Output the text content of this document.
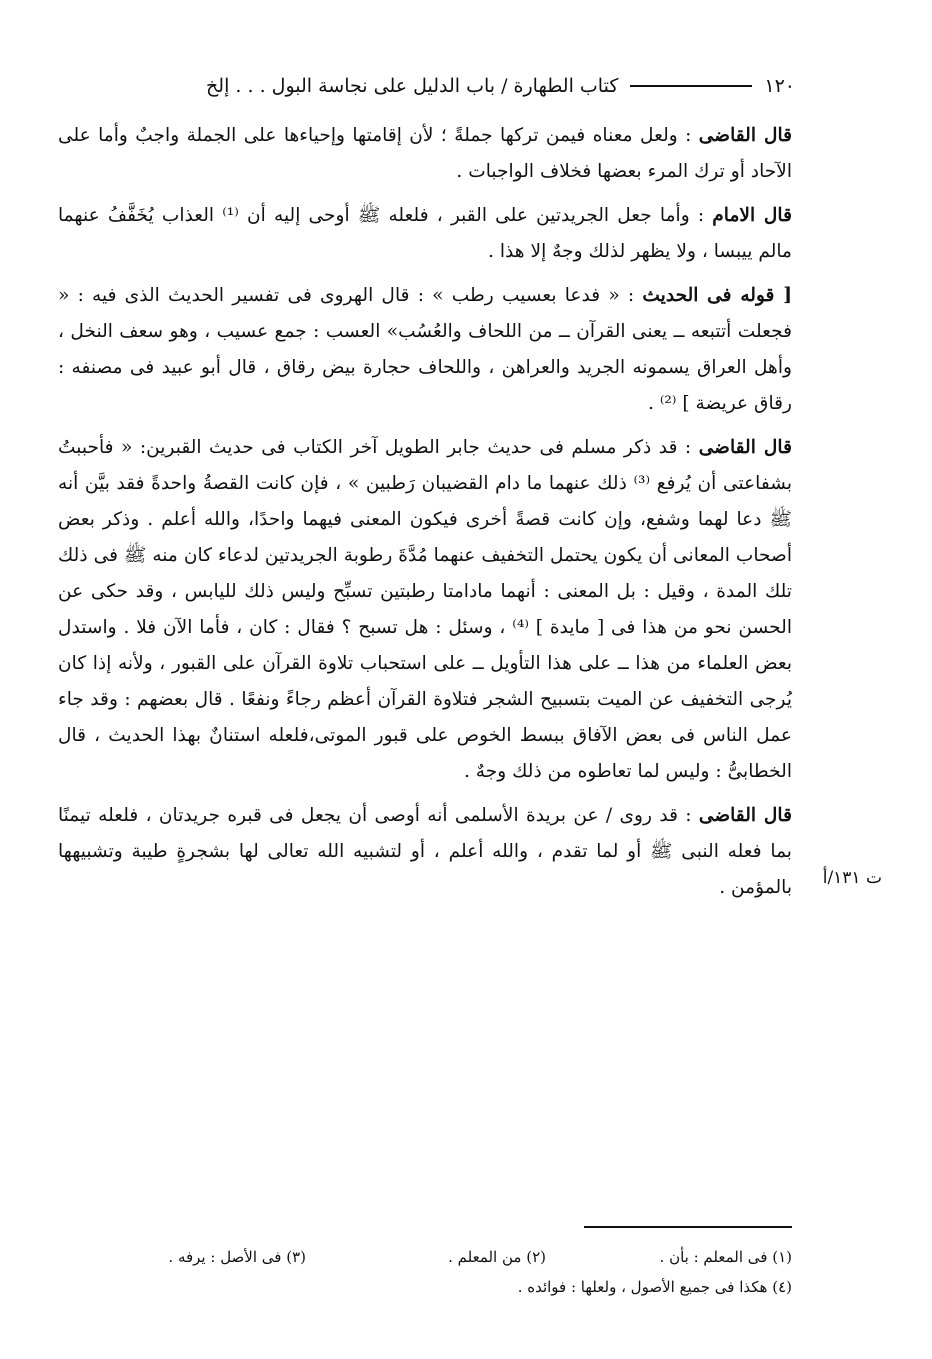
١٢٠
كتاب الطهارة / باب الدليل على نجاسة البول . . . إلخ

قال القاضى : ولعل معناه فيمن تركها جملةً ؛ لأن إقامتها وإحياءها على الجملة واجبٌ وأما على الآحاد أو ترك المرء بعضها فخلاف الواجبات .

قال الامام : وأما جعل الجريدتين على القبر ، فلعله ﷺ أوحى إليه أن ⁽¹⁾ العذاب يُخَفَّفُ عنهما مالم ييبسا ، ولا يظهر لذلك وجهٌ إلا هذا .

[ قوله فى الحديث : « فدعا بعسيب رطب » : قال الهروى فى تفسير الحديث الذى فيه : « فجعلت أتتبعه ــ يعنى القرآن ــ من اللحاف والعُسُب» العسب : جمع عسيب ، وهو سعف النخل ، وأهل العراق يسمونه الجريد والعراهن ، واللحاف حجارة بيض رقاق ، قال أبو عبيد فى مصنفه : رقاق عريضة ] ⁽²⁾ .

قال القاضى : قد ذكر مسلم فى حديث جابر الطويل آخر الكتاب فى حديث القبرين: « فأحببتُ بشفاعتى أن يُرفع ⁽³⁾ ذلك عنهما ما دام القضيبان رَطبين » ، فإن كانت القصةُ واحدةً فقد بيَّن أنه ﷺ دعا لهما وشفع، وإن كانت قصةً أخرى فيكون المعنى فيهما واحدًا، والله أعلم . وذكر بعض أصحاب المعانى أن يكون يحتمل التخفيف عنهما مُدَّةَ رطوبة الجريدتين لدعاء كان منه ﷺ فى ذلك تلك المدة ، وقيل : بل المعنى : أنهما مادامتا رطبتين تسبِّح وليس ذلك لليابس ، وقد حكى عن الحسن نحو من هذا فى [ مايدة ] ⁽⁴⁾ ، وسئل : هل تسبح ؟ فقال : كان ، فأما الآن فلا . واستدل بعض العلماء من هذا ــ على هذا التأويل ــ على استحباب تلاوة القرآن على القبور ، ولأنه إذا كان يُرجى التخفيف عن الميت بتسبيح الشجر فتلاوة القرآن أعظم رجاءً ونفعًا . قال بعضهم : وقد جاء عمل الناس فى بعض الآفاق ببسط الخوص على قبور الموتى،فلعله استنانٌ بهذا الحديث ، قال الخطابىُّ : وليس لما تعاطوه من ذلك وجهٌ .

قال القاضى : قد روى / عن بريدة الأسلمى أنه أوصى أن يجعل فى قبره جريدتان ، فلعله تيمنًا بما فعله النبى ﷺ أو لما تقدم ، والله أعلم ، أو لتشبيه الله تعالى لها بشجرةٍ طيبة وتشبيهها بالمؤمن . ت ١٣١/أ
(١) فى المعلم : بأن .
(٢) من المعلم .
(٣) فى الأصل : يرفه .
(٤) هكذا فى جميع الأصول ، ولعلها : فوائده .
